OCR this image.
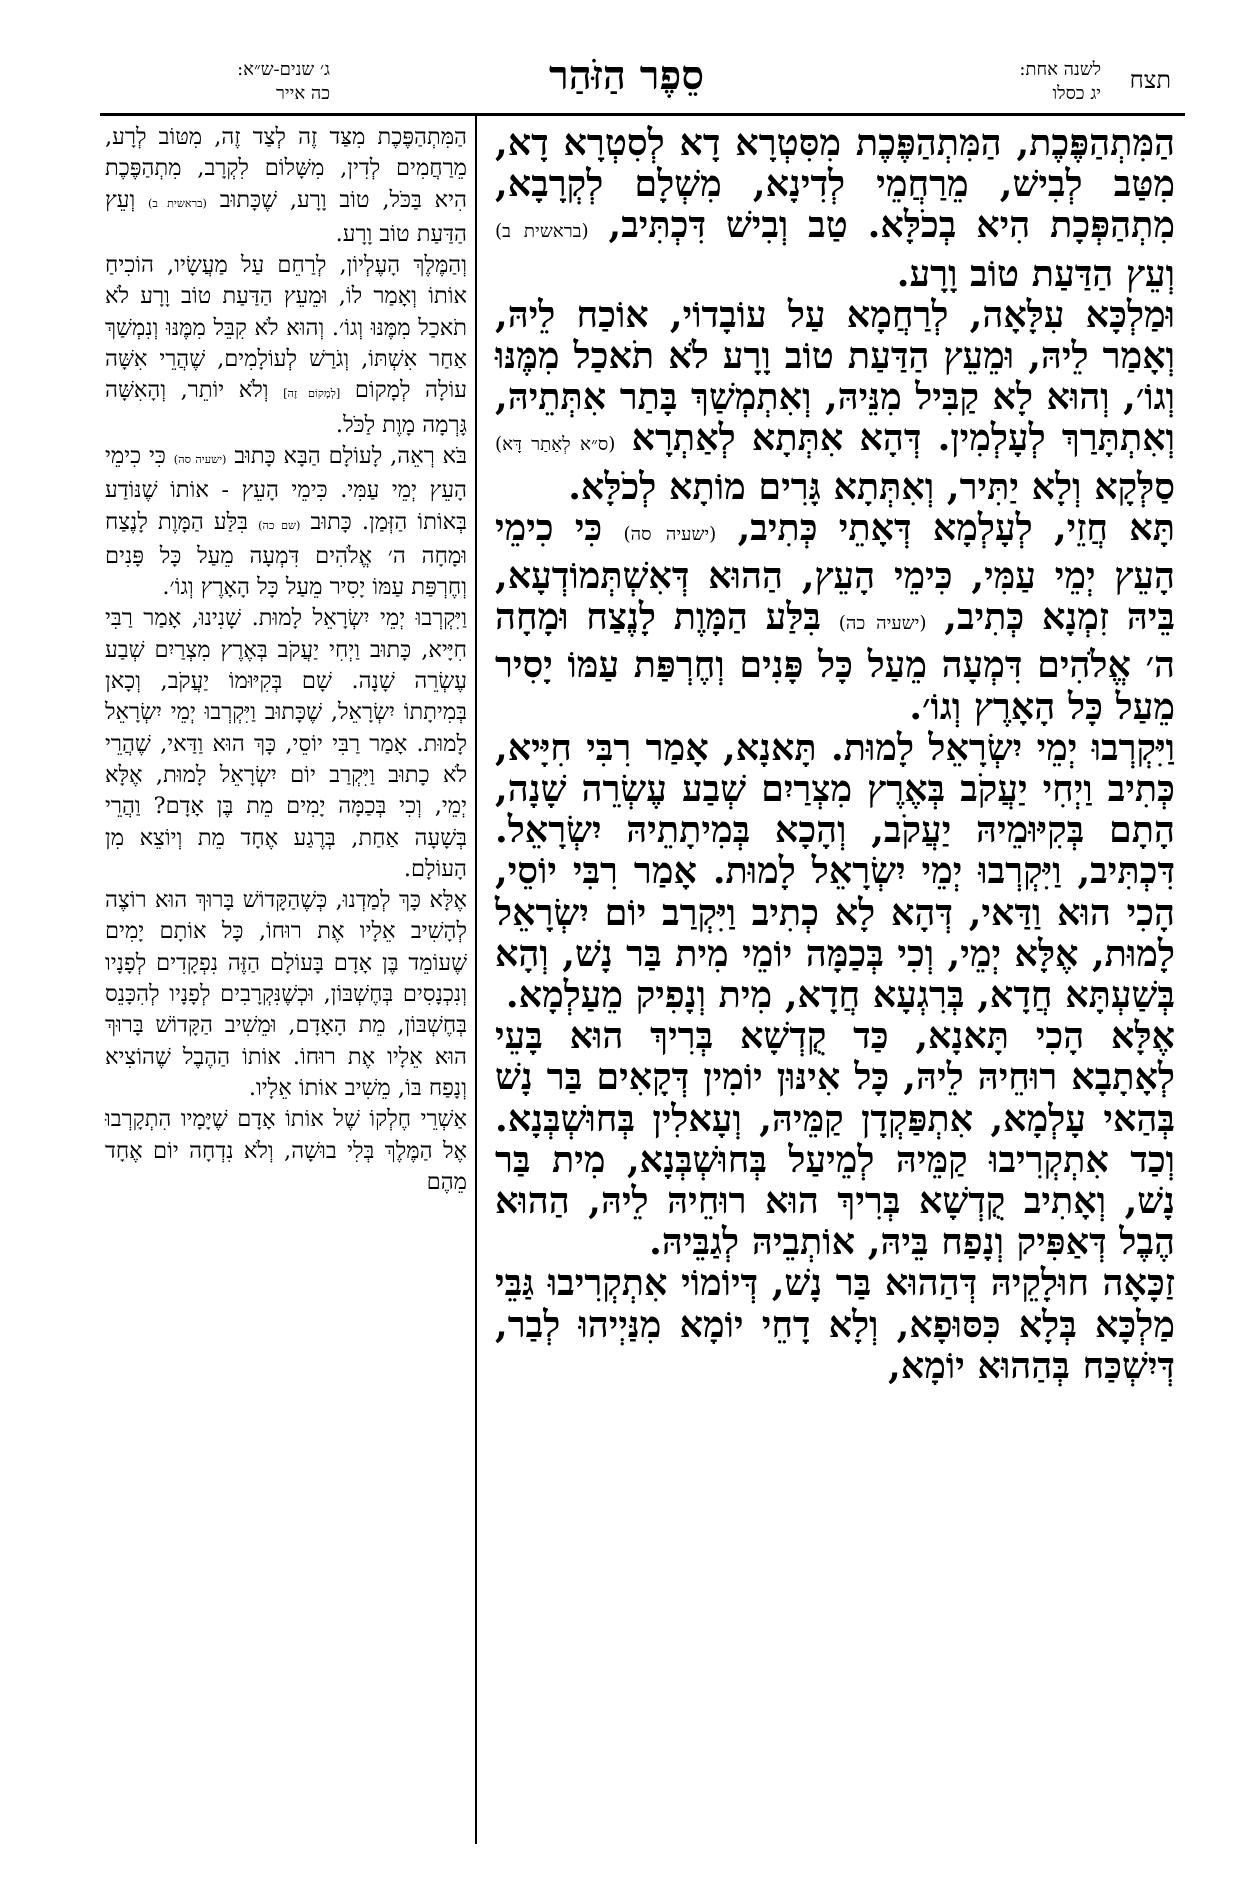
תצח
לשנה אחת:
יג כסלו
סֵפֶר הַזֹּהַר
ג׳ שנים-ש״א:
כה אייר

הַמִּתְהַפֶּכֶת, הַמִּתְהַפֶּכֶת מִסִּטְרָא דָא לְסִטְרָא דָא, מִטַּב לְבִישׁ, מֵרַחֲמֵי לְדִינָא, מִשְׁלָם לְקְרָבָא, מִתְהַפְּכָת הִיא בְכֹלָּא. טַב וְבִישׁ דִּכְתִּיב, (בראשית ב) וְעֵץ הַדַּעַת טוֹב וָרָע.

וּמַלְכָּא עִלָּאָה, לְרַחֲמָא עַל עוֹבָדוֹי, אוֹכַח לֵיהּ, וְאָמַר לֵיהּ, וּמֵעֵץ הַדַּעַת טוֹב וָרָע לֹא תֹאכַל מִמֶּנּוּ וְגוֹ׳, וְהוּא לָא קַבִּיל מִנֵּיהּ, וְאִתְמְשַׁךְ בָּתַר אִתְּתֵיהּ, וְאִתְתָּרַךְ לְעָלְמִין. דְּהָא אִתְּתָא לְאַתְרָא (ס״א לְאַתַר דָּא) סַלְּקָא וְלָא יַתִּיר, וְאִתְּתָא גָּרִים מוֹתָא לְכֹלָּא.

תָּא חֲזֵי, לְעָלְמָא דְּאָתֵי כְּתִיב, (ישעיה סה) כִּי כִימֵי הָעֵץ יְמֵי עַמִּי, כִּימֵי הָעֵץ, הַהוּא דְּאִשְׁתְּמוֹדְעָא, בֵּיהּ זִמְנָא כְּתִיב, (ישעיה כה) בִּלַּע הַמָּוֶת לָנֶצַח וּמָחָה ה׳ אֱלֹהִים דִּמְעָה מֵעַל כָּל פָּנִים וְחֶרְפַּת עַמּוֹ יָסִיר מֵעַל כָּל הָאָרֶץ וְגוֹ׳.

וַיִּקְרְבוּ יְמֵי יִשְׂרָאֵל לָמוּת. תָּאנָא, אָמַר רִבִּי חִיָּיא, כְּתִיב וַיְחִי יַעֲקֹב בְּאֶרֶץ מִצְרַיִם שְׁבַע עֶשְׂרֵה שָׁנָה, הָתָם בְּקִיּוּמֵיהּ יַעֲקֹב, וְהָכָא בְּמִיתָתֵיהּ יִשְׂרָאֵל. דִּכְתִּיב, וַיִּקְרְבוּ יְמֵי יִשְׂרָאֵל לָמוּת. אָמַר רִבִּי יוֹסֵי, הָכִי הוּא וַדַּאי, דְּהָא לָא כְתִיב וַיִּקְרַב יוֹם יִשְׂרָאֵל לָמוּת, אֶלָּא יְמֵי, וְכִי בְּכַמָּה יוֹמֵי מִית בַּר נָשׁ, וְהָא בְּשַׁעְתָּא חֲדָא, בְּרִגְעָא חֲדָא, מִית וְנָפִיק מֵעַלְמָא.

אֶלָּא הָכִי תָּאנָא, כַּד קֻדְשָׁא בְּרִיךְ הוּא בָּעֵי לְאָתָבָא רוּחֵיהּ לֵיהּ, כָּל אִינּוּן יוֹמִין דְּקָאִים בַּר נָשׁ בְּהַאי עָלְמָא, אִתְפַּקְדָן קַמֵּיהּ, וְעָאלִין בְּחוּשְׁבְּנָא. וְכַד אִתְקְרִיבוּ קַמֵּיהּ לְמֵיעַל בְּחוּשְׁבְּנָא, מִית בַּר נָשׁ, וְאָתִיב קֻדְשָׁא בְּרִיךְ הוּא רוּחֵיהּ לֵיהּ, הַהוּא הֶבֶל דְּאַפִּיק וְנָפַח בֵּיהּ, אוֹתְבֵיהּ לְגַבֵּיהּ.

זַכָּאָה חוּלָקֵיהּ דְּהַהוּא בַּר נָשׁ, דְּיוֹמוֹי אִתְקְרִיבוּ גַּבֵּי מַלְכָּא בְּלָא כִּסּוּפָא, וְלָא דָחֵי יוֹמָא מִנַּיְיהוּ לְבַר, דְּיִשְׁכַּח בְּהַהוּא יוֹמָא,

הַמִּתְהַפֶּכֶת מִצַּד זֶה לְצַד זֶה, מִטּוֹב לְרָע, מֵרַחֲמִים לְדִין, מִשָּׁלוֹם לִקְרָב, מִתְהַפֶּכֶת הִיא בַּכֹּל, טוֹב וָרָע, שֶׁכָּתוּב (בראשית ב) וְעֵץ הַדַּעַת טוֹב וָרָע.

וְהַמֶּלֶךְ הָעֶלְיוֹן, לְרַחֵם עַל מַעֲשָׂיו, הוֹכִיחַ אוֹתוֹ וְאָמַר לוֹ, וּמֵעֵץ הַדַּעַת טוֹב וָרָע לֹא תֹאכַל מִמֶּנּוּ וְגוֹ׳. וְהוּא לֹא קִבֵּל מִמֶּנּוּ וְנִמְשַׁךְ אַחַר אִשְׁתּוֹ, וְגֹרַשׁ לְעוֹלָמִים, שֶׁהֲרֵי אִשָּׁה עוֹלָה לְמָקוֹם [לְמָקוֹם זֶה] וְלֹא יוֹתֵר, וְהָאִשָּׁה גָּרְמָה מָוֶת לַכֹּל.

בֹּא רְאֵה, לָעוֹלָם הַבָּא כָּתוּב (ישעיה סה) כִּי כִימֵי הָעֵץ יְמֵי עַמִּי. כִּימֵי הָעֵץ - אוֹתוֹ שֶׁנּוֹדַע בְּאוֹתוֹ הַזְּמַן. כָּתוּב (שם כה) בִּלַּע הַמָּוֶת לָנֶצַח וּמָחָה ה׳ אֱלֹהִים דִּמְעָה מֵעַל כָּל פָּנִים וְחֶרְפַּת עַמּוֹ יָסִיר מֵעַל כָּל הָאָרֶץ וְגוֹ׳.

וַיִּקְרְבוּ יְמֵי יִשְׂרָאֵל לָמוּת. שָׁנִינוּ, אָמַר רַבִּי חִיָּיא, כָּתוּב וַיְחִי יַעֲקֹב בְּאֶרֶץ מִצְרַיִם שְׁבַע עֶשְׂרֵה שָׁנָה. שָׁם בְּקִיּוּמוֹ יַעֲקֹב, וְכָאן בְּמִיתָתוֹ יִשְׂרָאֵל, שֶׁכָּתוּב וַיִּקְרְבוּ יְמֵי יִשְׂרָאֵל לָמוּת. אָמַר רַבִּי יוֹסֵי, כָּךְ הוּא וַדַּאי, שֶׁהֲרֵי לֹא כָתוּב וַיִּקְרַב יוֹם יִשְׂרָאֵל לָמוּת, אֶלָּא יְמֵי, וְכִי בְּכַמָּה יָמִים מֵת בֶּן אָדָם? וַהֲרֵי בְּשָׁעָה אַחַת, בְּרֶגַע אֶחָד מֵת וְיוֹצֵא מִן הָעוֹלָם.

אֶלָּא כָּךְ לְמַדְנוּ, כְּשֶׁהַקָּדוֹשׁ בָּרוּךְ הוּא רוֹצֶה לְהָשִׁיב אֵלָיו אֶת רוּחוֹ, כָּל אוֹתָם יָמִים שֶׁעוֹמֵד בֶּן אָדָם בָּעוֹלָם הַזֶּה נִפְקָדִים לְפָנָיו וְנִכְנָסִים בְּחֶשְׁבּוֹן, וּכְשֶׁנִּקְרָבִים לְפָנָיו לְהִכָּנֵס בְּחֶשְׁבּוֹן, מֵת הָאָדָם, וּמֵשִׁיב הַקָּדוֹשׁ בָּרוּךְ הוּא אֵלָיו אֶת רוּחוֹ. אוֹתוֹ הַהֶבֶל שֶׁהוֹצִיא וְנָפַח בּוֹ, מֵשִׁיב אוֹתוֹ אֵלָיו.

אַשְׁרֵי חֶלְקוֹ שֶׁל אוֹתוֹ אָדָם שֶׁיָּמָיו הִתְקָרְבוּ אֶל הַמֶּלֶךְ בְּלִי בוּשָׁה, וְלֹא נִדְחָה יוֹם אֶחָד מֵהֶם
